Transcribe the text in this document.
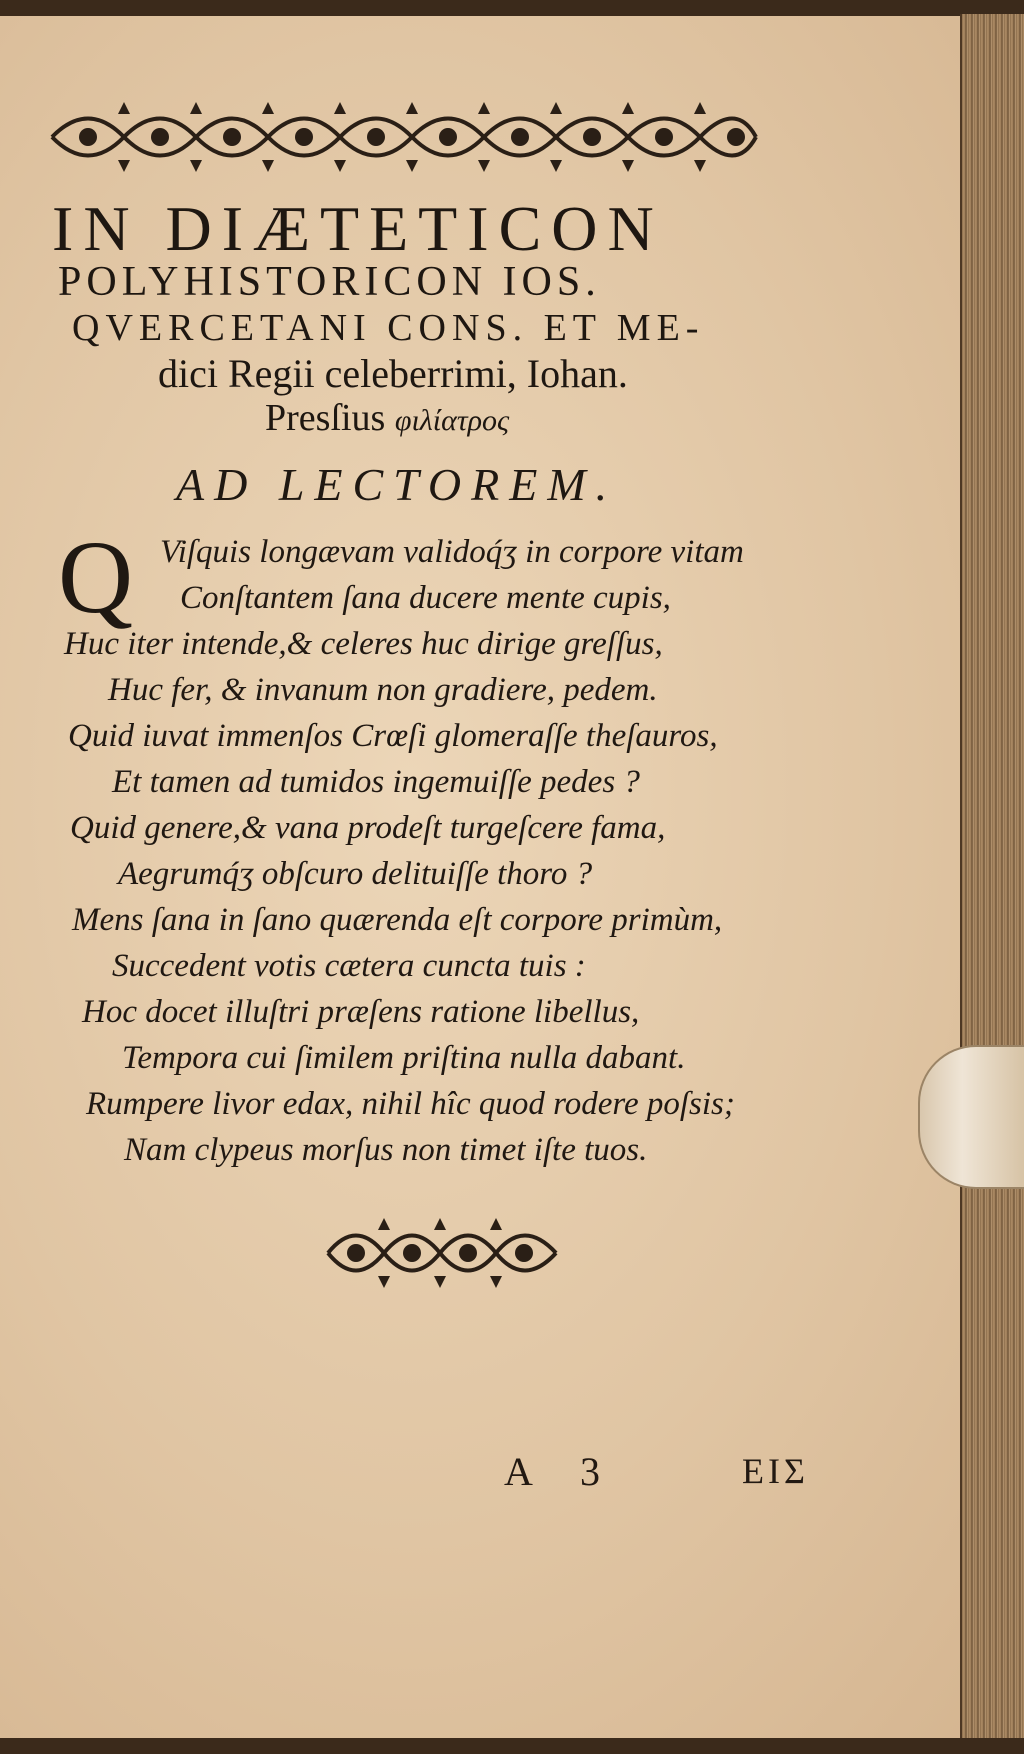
IN DIÆTETICON
POLYHISTORICON IOS.
QVERCETANI CONS. ET ME-
dici Regii celeberrimi, Iohan.
Presſius φιλίατρος
AD LECTOREM.
Q Viſquis longævam validoq́ʒ in corpore vitam
Conſtantem ſana ducere mente cupis,
Huc iter intende,& celeres huc dirige greſſus,
Huc fer, & invanum non gradiere, pedem.
Quid iuvat immenſos Crœſi glomeraſſe theſauros,
Et tamen ad tumidos ingemuiſſe pedes ?
Quid genere,& vana prodeſt turgeſcere fama,
Aegrumq́ʒ obſcuro delituiſſe thoro ?
Mens ſana in ſano quærenda eſt corpore primùm,
Succedent votis cætera cuncta tuis :
Hoc docet illuſtri præſens ratione libellus,
Tempora cui ſimilem priſtina nulla dabant.
Rumpere livor edax, nihil hîc quod rodere poſsis;
Nam clypeus morſus non timet iſte tuos.
A 3	ΕΙΣ
